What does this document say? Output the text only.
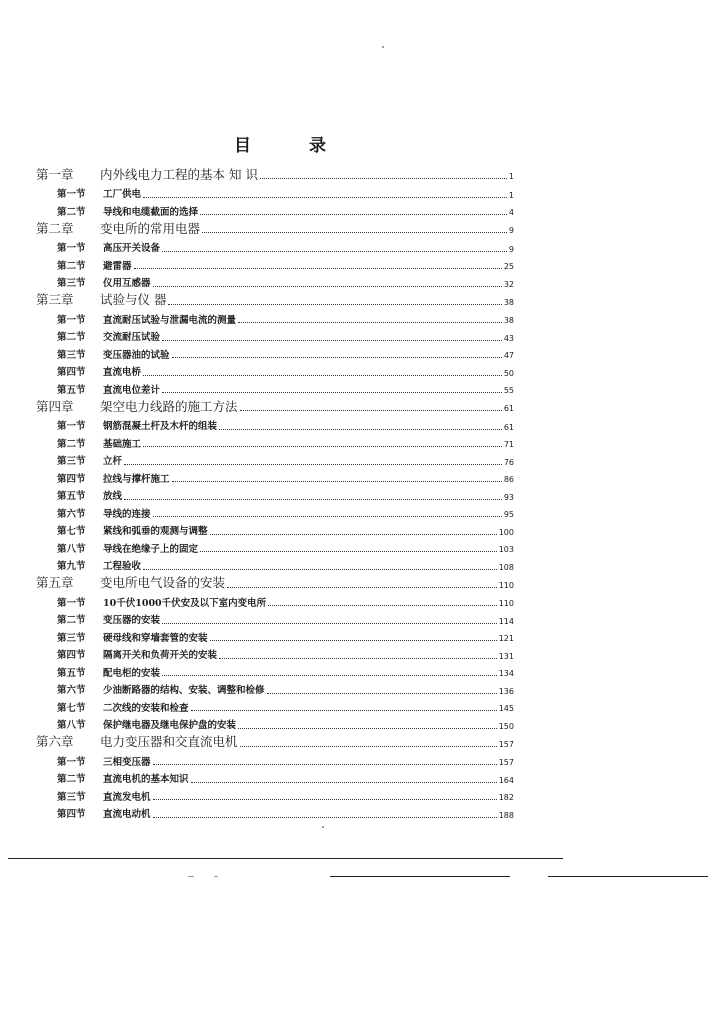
目 录
第一章	内外线电力工程的基本 知 识	1
第一节	工厂供电	1
第二节	导线和电缆截面的选择	4
第二章	变电所的常用电器	9
第一节	高压开关设备	9
第二节	避雷器	25
第三节	仪用互感器	32
第三章	试验与仪 器	38
第一节	直流耐压试验与泄漏电流的测量	38
第二节	交流耐压试验	43
第三节	变压器油的试验	47
第四节	直流电桥	50
第五节	直流电位差计	55
第四章	架空电力线路的施工方法	61
第一节	钢筋混凝土杆及木杆的组装	61
第二节	基础施工	71
第三节	立杆	76
第四节	拉线与撑杆施工	86
第五节	放线	93
第六节	导线的连接	95
第七节	紧线和弧垂的观测与调整	100
第八节	导线在绝缘子上的固定	103
第九节	工程验收	108
第五章	变电所电气设备的安装	110
第一节	10千伏1000千伏安及以下室内变电所	110
第二节	变压器的安装	114
第三节	硬母线和穿墙套管的安装	121
第四节	隔离开关和负荷开关的安装	131
第五节	配电柜的安装	134
第六节	少油断路器的结构、安装、调整和检修	136
第七节	二次线的安装和检查	145
第八节	保护继电器及继电保护盘的安装	150
第六章	电力变压器和交直流电机	157
第一节	三相变压器	157
第二节	直流电机的基本知识	164
第三节	直流发电机	182
第四节	直流电动机	188
